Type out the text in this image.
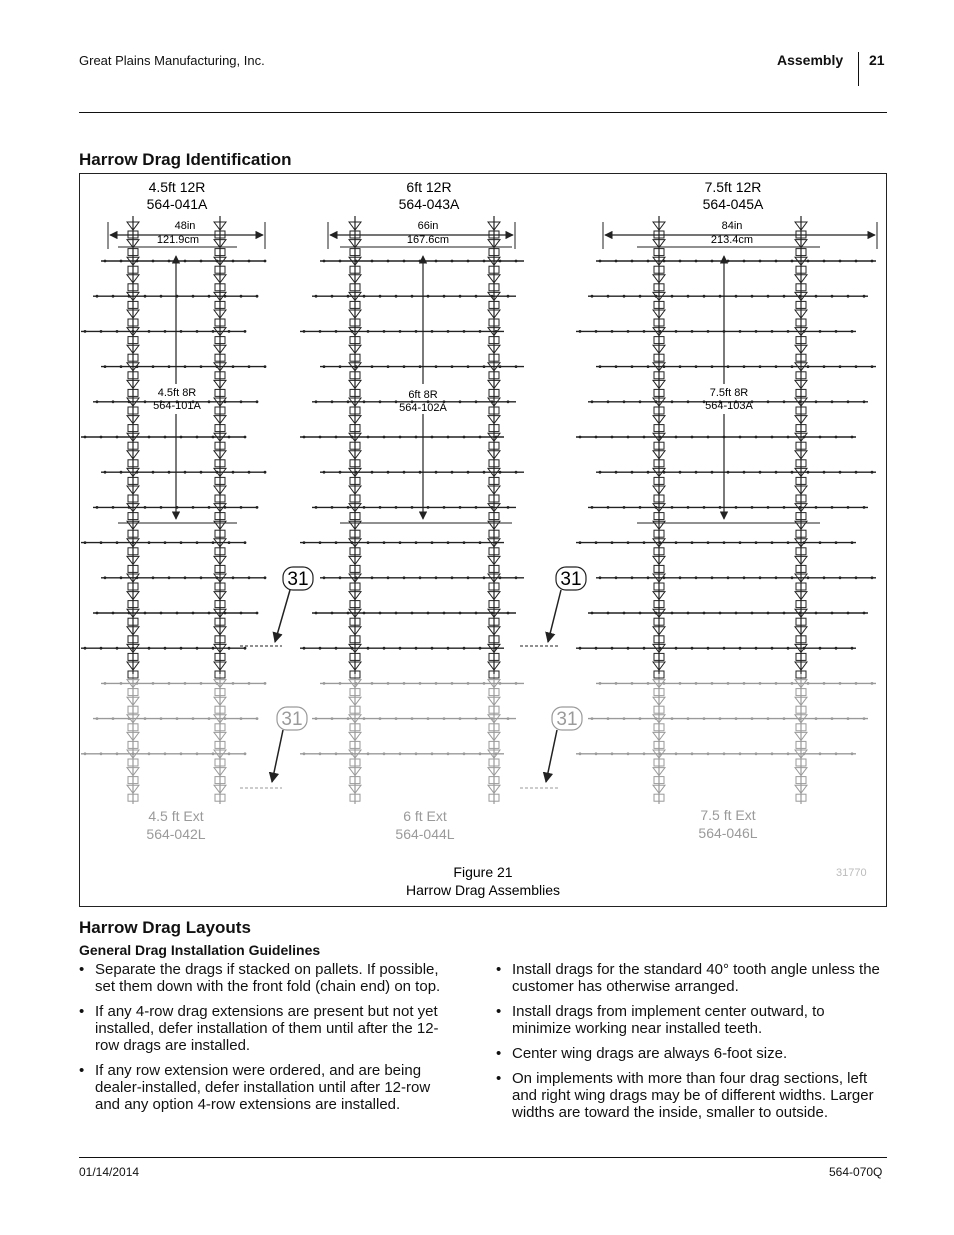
Great Plains Manufacturing, Inc.	Assembly 21
Harrow Drag Identification
4.5ft 12R
564-041A
48in
121.9cm
4.5ft 8R
564-101A
4.5 ft Ext
564-042L
6ft 12R
564-043A
66in
167.6cm
6ft 8R
564-102A
6 ft Ext
564-044L
7.5ft 12R
564-045A
84in
213.4cm
7.5ft 8R
564-103A
7.5 ft Ext
564-046L
31	31
31	31
Figure 21
Harrow Drag Assemblies
31770
Harrow Drag Layouts
General Drag Installation Guidelines
• Separate the drags if stacked on pallets. If possible, set them down with the front fold (chain end) on top.
• If any 4-row drag extensions are present but not yet installed, defer installation of them until after the 12-row drags are installed.
• If any row extension were ordered, and are being dealer-installed, defer installation until after 12-row and any option 4-row extensions are installed.
• Install drags for the standard 40° tooth angle unless the customer has otherwise arranged.
• Install drags from implement center outward, to minimize working near installed teeth.
• Center wing drags are always 6-foot size.
• On implements with more than four drag sections, left and right wing drags may be of different widths. Larger widths are toward the inside, smaller to outside.
01/14/2014	564-070Q
